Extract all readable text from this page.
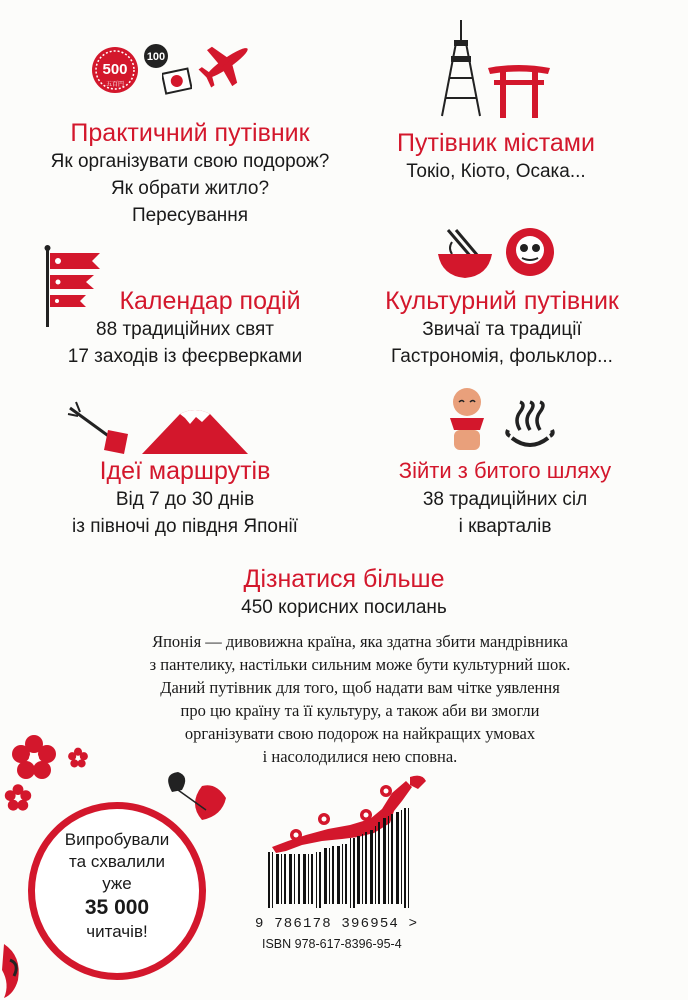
500
五百円
100
Практичний путівник
Як організувати свою подорож?
Як обрати житло?
Пересування
Путівник містами
Токіо, Кіото, Осака...
Календар подій
88 традиційних свят
17 заходів із феєрверками
Культурний путівник
Звичаї та традиції
Гастрономія, фольклор...
Ідеї маршрутів
Від 7 до 30 днів
із півночі до півдня Японії
Зійти з битого шляху
38 традиційних сіл
і кварталів
Дізнатися більше
450 корисних посилань
Японія — дивовижна країна, яка здатна збити мандрівника
з пантелику, настільки сильним може бути культурний шок.
Даний путівник для того, щоб надати вам чітке уявлення
про цю країну та її культуру, а також аби ви змогли
організувати свою подорож на найкращих умовах
і насолодилися нею сповна.
Випробували
та схвалили
уже
35 000
читачів!	9 786178 396954 >
ISBN 978-617-8396-95-4
